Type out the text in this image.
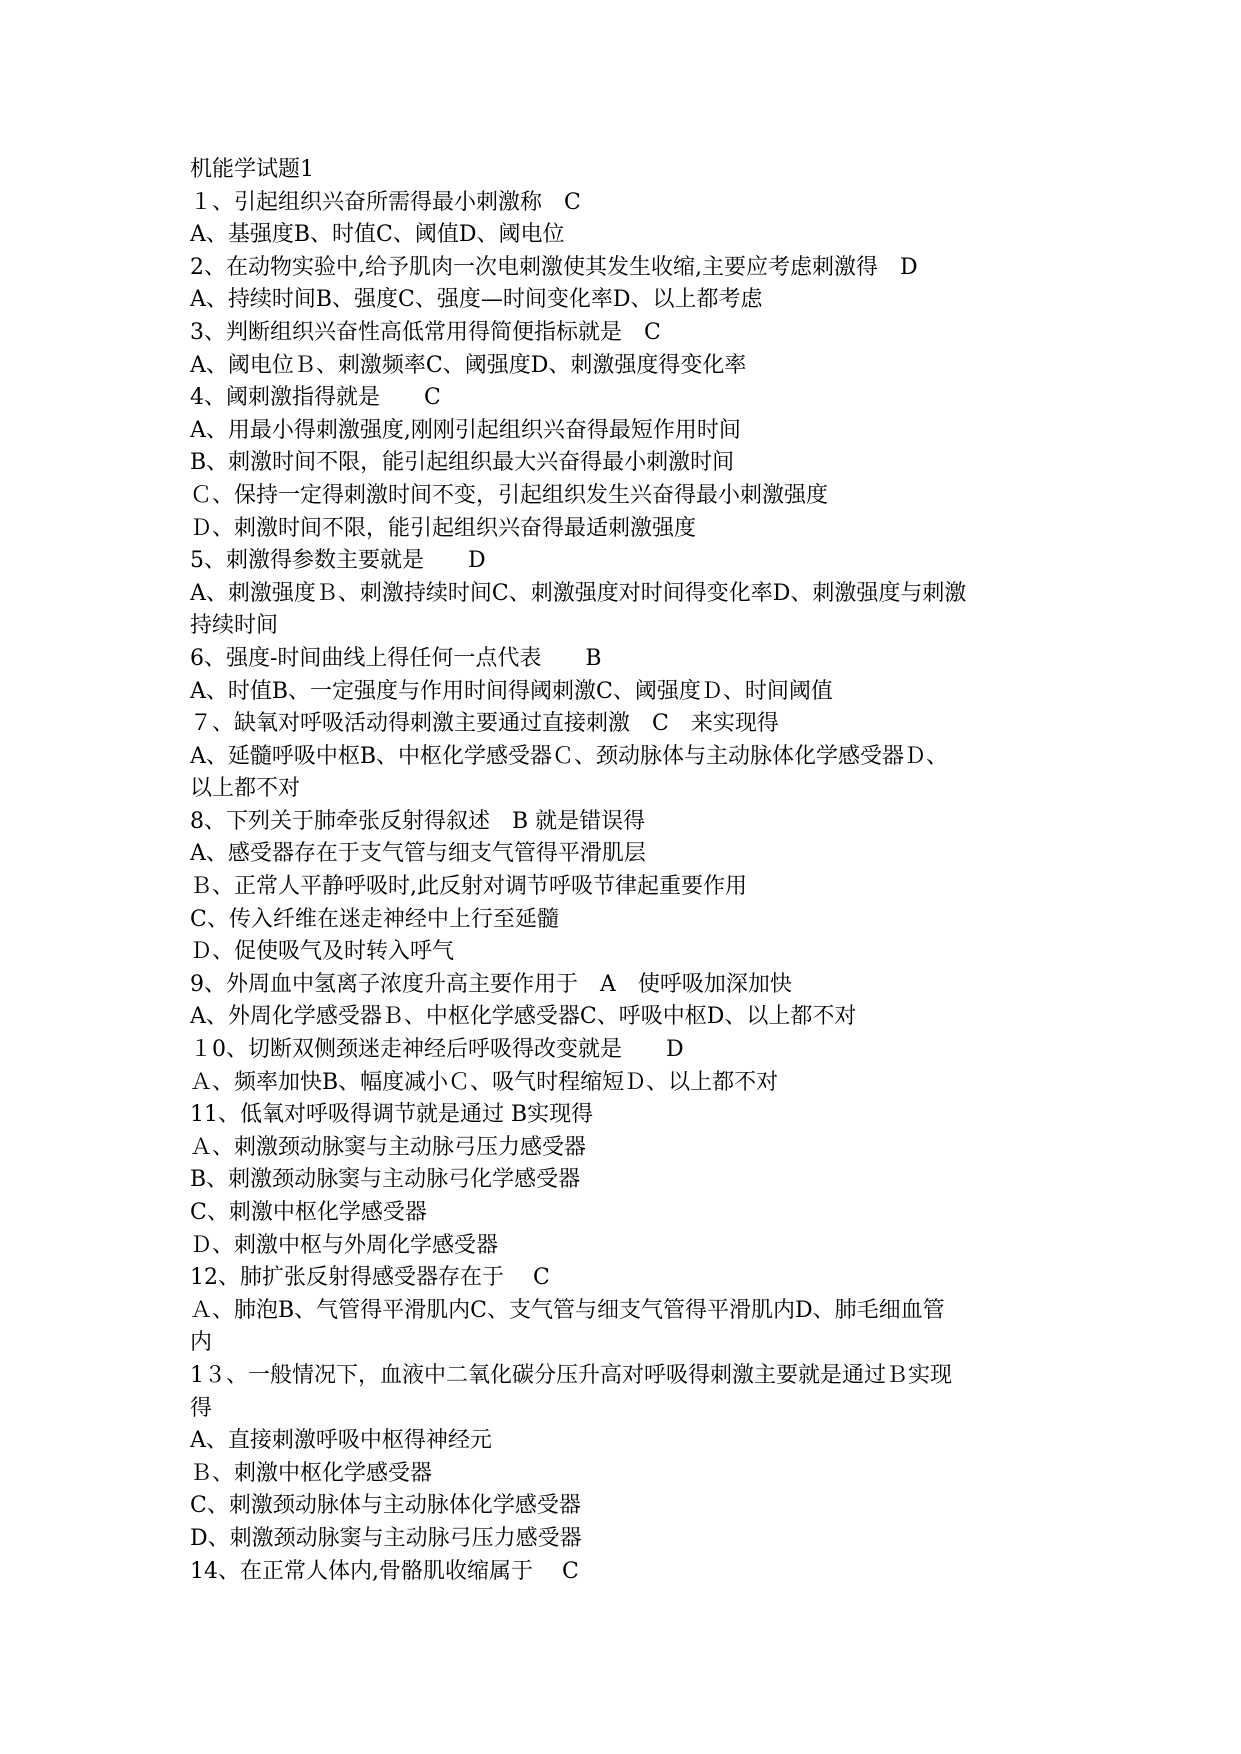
机能学试题1
１、引起组织兴奋所需得最小刺激称　C
A、基强度B、时值C、阈值D、阈电位
2、在动物实验中,给予肌肉一次电刺激使其发生收缩,主要应考虑刺激得　D
A、持续时间B、强度C、强度—时间变化率D、以上都考虑
3、判断组织兴奋性高低常用得简便指标就是　C
A、阈电位Ｂ、刺激频率C、阈强度D、刺激强度得变化率
4、阈刺激指得就是　　C
A、用最小得刺激强度,刚刚引起组织兴奋得最短作用时间
B、刺激时间不限，能引起组织最大兴奋得最小刺激时间
Ｃ、保持一定得刺激时间不变，引起组织发生兴奋得最小刺激强度
Ｄ、刺激时间不限，能引起组织兴奋得最适刺激强度
5、刺激得参数主要就是　　D
A、刺激强度Ｂ、刺激持续时间C、刺激强度对时间得变化率D、刺激强度与刺激
持续时间
6、强度-时间曲线上得任何一点代表　　B
A、时值B、一定强度与作用时间得阈刺激C、阈强度Ｄ、时间阈值
７、缺氧对呼吸活动得刺激主要通过直接刺激　C　来实现得
A、延髓呼吸中枢B、中枢化学感受器Ｃ、颈动脉体与主动脉体化学感受器Ｄ、
以上都不对
8、下列关于肺牵张反射得叙述　B 就是错误得
A、感受器存在于支气管与细支气管得平滑肌层
Ｂ、正常人平静呼吸时,此反射对调节呼吸节律起重要作用
C、传入纤维在迷走神经中上行至延髓
Ｄ、促使吸气及时转入呼气
9、外周血中氢离子浓度升高主要作用于　A　使呼吸加深加快
A、外周化学感受器Ｂ、中枢化学感受器C、呼吸中枢D、以上都不对
１0、切断双侧颈迷走神经后呼吸得改变就是　　D
Ａ、频率加快B、幅度减小Ｃ、吸气时程缩短Ｄ、以上都不对
11、低氧对呼吸得调节就是通过 B实现得
Ａ、刺激颈动脉窦与主动脉弓压力感受器
B、刺激颈动脉窦与主动脉弓化学感受器
C、刺激中枢化学感受器
Ｄ、刺激中枢与外周化学感受器
12、肺扩张反射得感受器存在于　 C
Ａ、肺泡B、气管得平滑肌内C、支气管与细支气管得平滑肌内D、肺毛细血管
内
1３、一般情况下，血液中二氧化碳分压升高对呼吸得刺激主要就是通过Ｂ实现
得
A、直接刺激呼吸中枢得神经元
Ｂ、刺激中枢化学感受器
C、刺激颈动脉体与主动脉体化学感受器
D、刺激颈动脉窦与主动脉弓压力感受器
14、在正常人体内,骨骼肌收缩属于　 C
